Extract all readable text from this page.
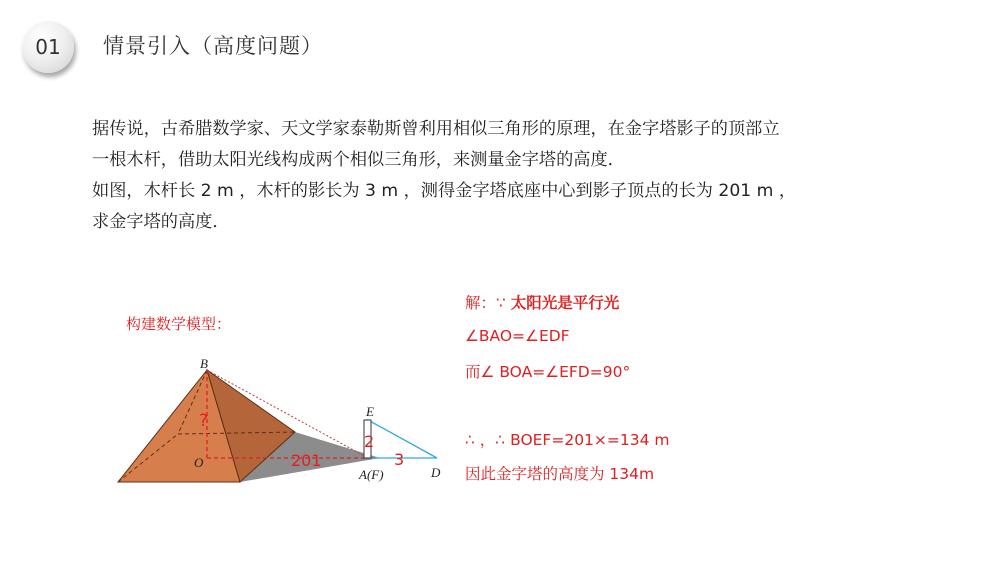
01 情景引入（高度问题）

据传说，古希腊数学家、天文学家泰勒斯曾利用相似三角形的原理，在金字塔影子的顶部立

一根木杆，借助太阳光线构成两个相似三角形，来测量金字塔的高度．

如图，木杆长 2 m ，木杆的影长为 3 m ，测得金字塔底座中心到影子顶点的长为 201 m ，

求金字塔的高度．

构建数学模型：
B
O
E
A(F)	D
?
2
3
201
解：∵ 太阳光是平行光
∠BAO=∠EDF
而∠ BOA=∠EFD=90°
∴ ，∴ BOEF=201×=134 m
因此金字塔的高度为 134m
